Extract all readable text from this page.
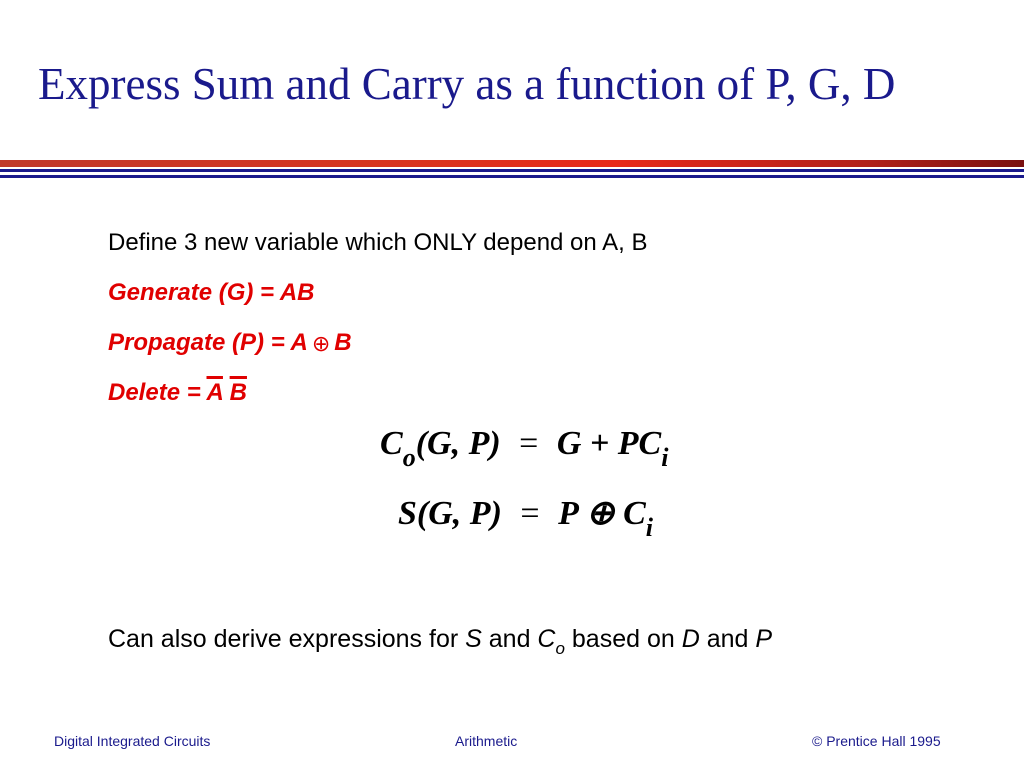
Express Sum and Carry as a function of P, G, D
Define 3 new variable which ONLY depend on A, B
Generate (G) = AB
Propagate (P) = A ⊕ B
Delete = $\overline{A}$ $\overline{B}$
$C_o(G$, $P) = G + PC_i$
S(G, P) = P ⊕ $C_i$
Can also derive expressions for S and $C_o$ based on D and P
Digital Integrated Circuits	Arithmetic	© Prentice Hall 1995
